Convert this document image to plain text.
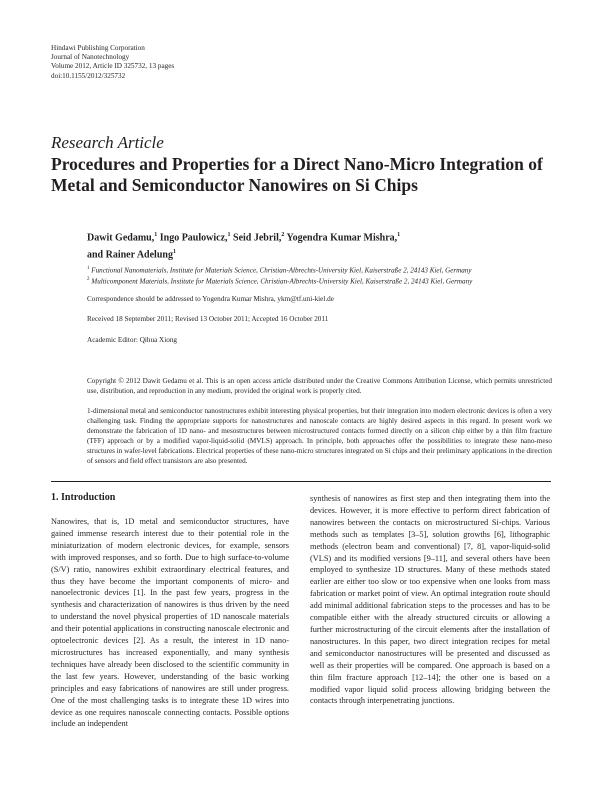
Hindawi Publishing Corporation
Journal of Nanotechnology
Volume 2012, Article ID 325732, 13 pages
doi:10.1155/2012/325732
Research Article
Procedures and Properties for a Direct Nano-Micro Integration of Metal and Semiconductor Nanowires on Si Chips
Dawit Gedamu,$^1$ Ingo Paulowicz,$^1$ Seid Jebril,$^2$ Yogendra Kumar Mishra,$^1$
and Rainer Adelung$^1$
$^1$ Functional Nanomaterials, Institute for Materials Science, Christian-Albrechts-University Kiel, Kaiserstraße 2, 24143 Kiel, Germany
$^2$ Multicomponent Materials, Institute for Materials Science, Christian-Albrechts-University Kiel, Kaiserstraße 2, 24143 Kiel, Germany
Correspondence should be addressed to Yogendra Kumar Mishra, ykm@tf.uni-kiel.de
Received 18 September 2011; Revised 13 October 2011; Accepted 16 October 2011
Academic Editor: Qihua Xiong
Copyright © 2012 Dawit Gedamu et al. This is an open access article distributed under the Creative Commons Attribution License, which permits unrestricted use, distribution, and reproduction in any medium, provided the original work is properly cited.
1-dimensional metal and semiconductor nanostructures exhibit interesting physical properties, but their integration into modern electronic devices is often a very challenging task. Finding the appropriate supports for nanostructures and nanoscale contacts are highly desired aspects in this regard. In present work we demonstrate the fabrication of 1D nano- and mesostructures between microstructured contacts formed directly on a silicon chip either by a thin film fracture (TFF) approach or by a modified vapor-liquid-solid (MVLS) approach. In principle, both approaches offer the possibilities to integrate these nano-meso structures in wafer-level fabrications. Electrical properties of these nano-micro structures integrated on Si chips and their preliminary applications in the direction of sensors and field effect transistors are also presented.
1. Introduction

Nanowires, that is, 1D metal and semiconductor structures, have gained immense research interest due to their potential role in the miniaturization of modern electronic devices, for example, sensors with improved responses, and so forth. Due to high surface-to-volume (S/V) ratio, nanowires exhibit extraordinary electrical features, and thus they have become the important components of micro- and nanoelectronic devices [1]. In the past few years, progress in the synthesis and characterization of nanowires is thus driven by the need to understand the novel physical properties of 1D nanoscale materials and their potential applications in constructing nanoscale electronic and optoelectronic devices [2]. As a result, the interest in 1D nano-microstructures has increased exponentially, and many synthesis techniques have already been disclosed to the scientific community in the last few years. However, understanding of the basic working principles and easy fabrications of nanowires are still under progress. One of the most challenging tasks is to integrate these 1D wires into device as one requires nanoscale connecting contacts. Possible options include an independent

synthesis of nanowires as first step and then integrating them into the devices. However, it is more effective to perform direct fabrication of nanowires between the contacts on microstructured Si-chips. Various methods such as templates [3–5], solution growths [6], lithographic methods (electron beam and conventional) [7, 8], vapor-liquid-solid (VLS) and its modified versions [9–11], and several others have been employed to synthesize 1D structures. Many of these methods stated earlier are either too slow or too expensive when one looks from mass fabrication or market point of view. An optimal integration route should add minimal additional fabrication steps to the processes and has to be compatible either with the already structured circuits or allowing a further microstructuring of the circuit elements after the installation of nanostructures. In this paper, two direct integration recipes for metal and semiconductor nanostructures will be presented and discussed as well as their properties will be compared. One approach is based on a thin film fracture approach [12–14]; the other one is based on a modified vapor liquid solid process allowing bridging between the contacts through interpenetrating junctions.
